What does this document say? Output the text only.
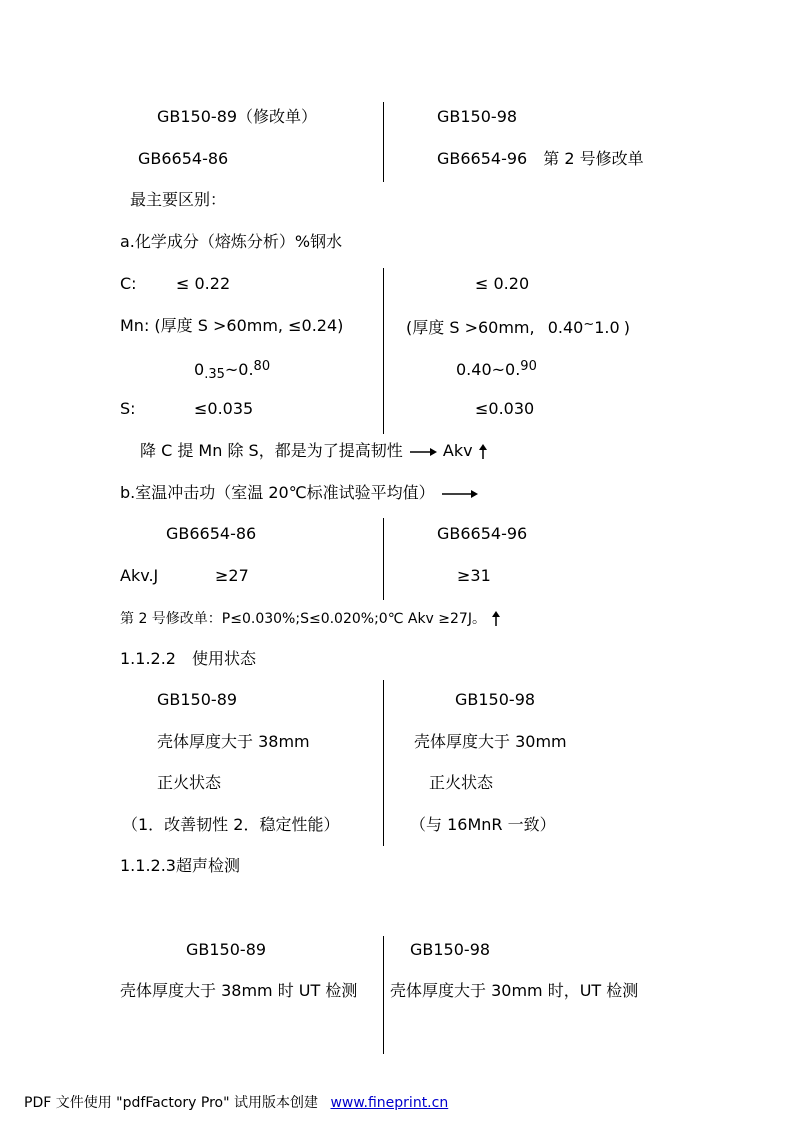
GB150-89（修改单）	GB150-98
GB6654-86	GB6654-96　第 2 号修改单
最主要区别：
a.化学成分（熔炼分析）%钢水
C: ≤ 0.22	≤ 0.20
Mn: (厚度 S >60mm, ≤0.24)	(厚度 S >60mm, 0.40~1.0 )
$0_{.35}\sim 0.80$	0.40~0.90
S:	≤0.035	≤0.030
降 C 提 Mn 除 S，都是为了提高韧性	Akv
b.室温冲击功（室温 20℃标准试验平均值）
GB6654-86	GB6654-96
Akv.J	≥27	≥31
第 2 号修改单：P≤0.030%;S≤0.020%;0℃ Akv ≥27J。
1.1.2.2　使用状态
GB150-89	GB150-98
壳体厚度大于 38mm	壳体厚度大于 30mm
正火状态	正火状态
（1．改善韧性 2．稳定性能）	（与 16MnR 一致）
1.1.2.3超声检测
GB150-89	GB150-98
壳体厚度大于 38mm 时 UT 检测 壳体厚度大于 30mm 时，UT 检测
PDF 文件使用 "pdfFactory Pro" 试用版本创建 www.fineprint.cn
